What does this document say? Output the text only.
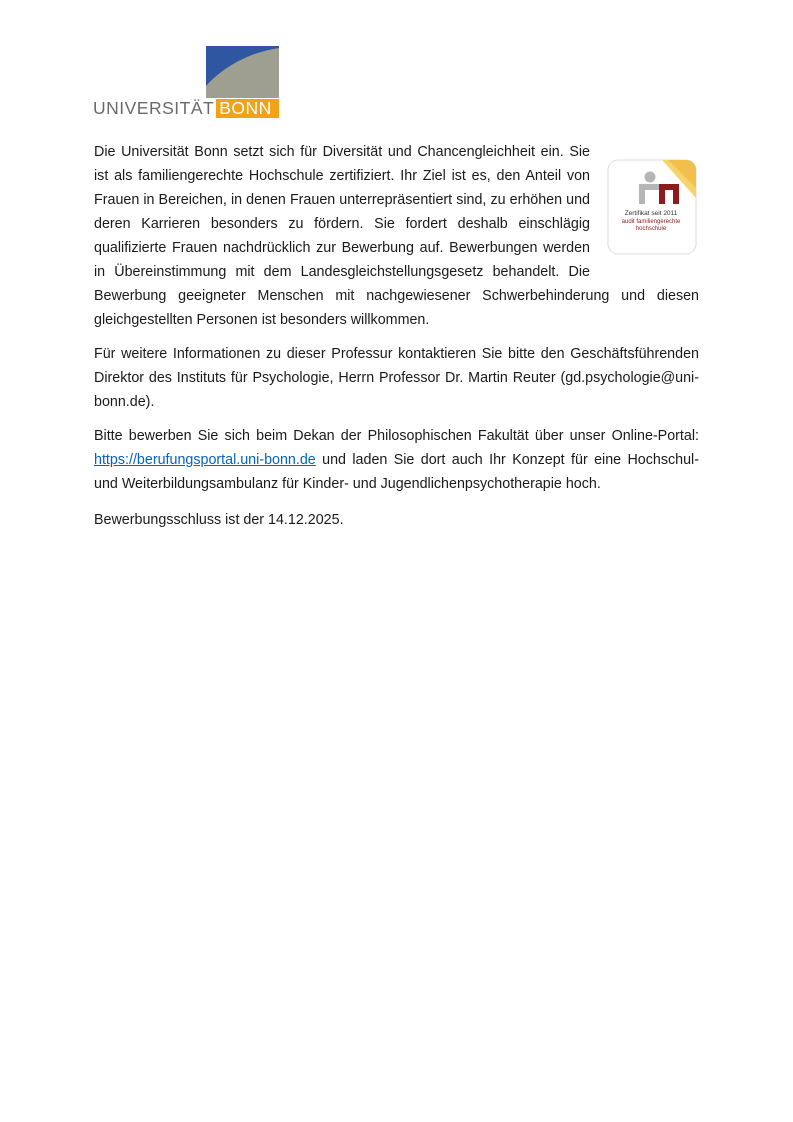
UNIVERSITÄT BONN
Zertifikat seit 2011
audit familiengerechte
hochschule

Die Universität Bonn setzt sich für Diversität und Chancengleichheit ein. Sie ist als familiengerechte Hochschule zertifiziert. Ihr Ziel ist es, den Anteil von Frauen in Bereichen, in denen Frauen unterrepräsentiert sind, zu erhöhen und deren Karrieren besonders zu fördern. Sie fordert deshalb einschlägig qualifizierte Frauen nachdrücklich zur Bewerbung auf. Bewerbungen werden in Übereinstimmung mit dem Landesgleichstellungsgesetz behandelt. Die Bewerbung geeigneter Menschen mit nachgewiesener Schwerbehinderung und diesen gleichgestellten Personen ist besonders willkommen.

Für weitere Informationen zu dieser Professur kontaktieren Sie bitte den Geschäftsführenden Direktor des Instituts für Psychologie, Herrn Professor Dr. Martin Reuter (gd.psychologie@uni-bonn.de).

Bitte bewerben Sie sich beim Dekan der Philosophischen Fakultät über unser Online-Portal: https://berufungsportal.uni-bonn.de und laden Sie dort auch Ihr Konzept für eine Hochschul- und Weiterbildungsambulanz für Kinder- und Jugendlichenpsychotherapie hoch.

Bewerbungsschluss ist der 14.12.2025.
